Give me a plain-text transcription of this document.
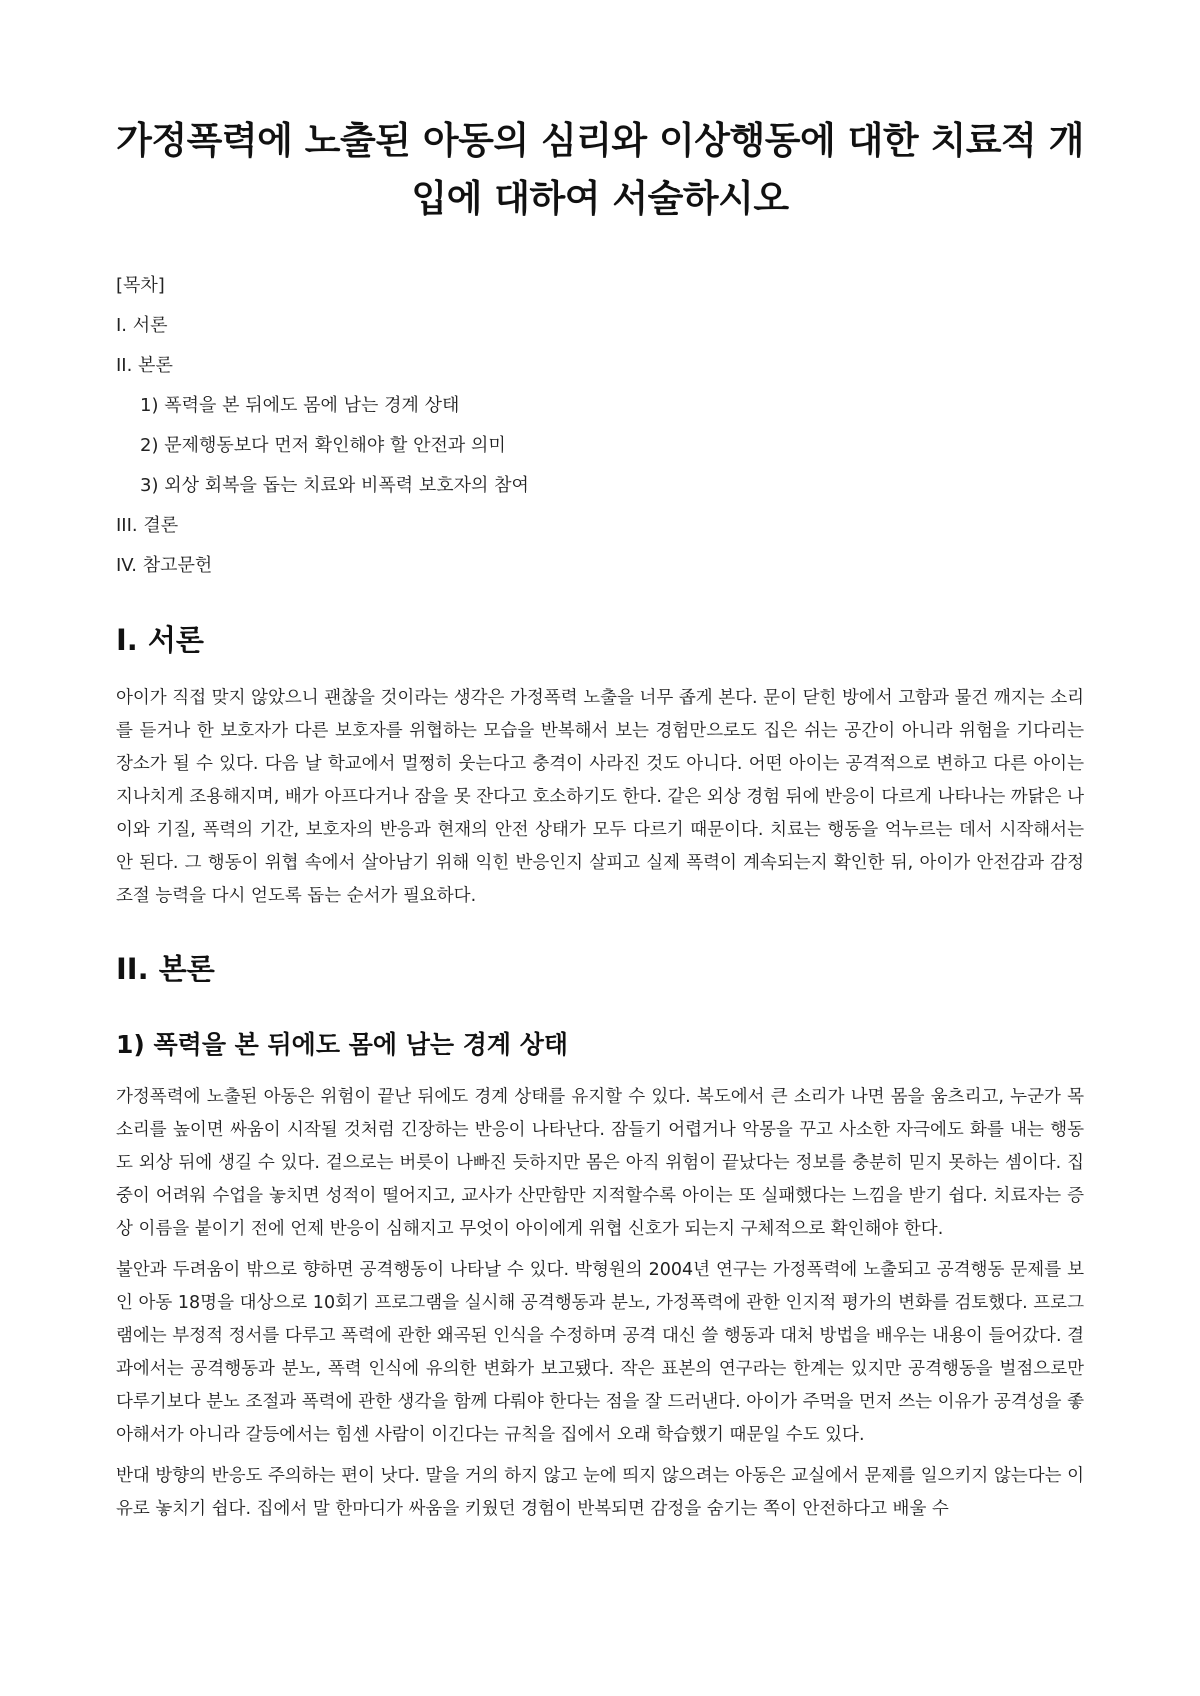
가정폭력에 노출된 아동의 심리와 이상행동에 대한 치료적 개입에 대하여 서술하시오
[목차]
I. 서론
II. 본론
1) 폭력을 본 뒤에도 몸에 남는 경계 상태
2) 문제행동보다 먼저 확인해야 할 안전과 의미
3) 외상 회복을 돕는 치료와 비폭력 보호자의 참여
III. 결론
IV. 참고문헌
I. 서론

아이가 직접 맞지 않았으니 괜찮을 것이라는 생각은 가정폭력 노출을 너무 좁게 본다. 문이 닫힌 방에서 고함과 물건 깨지는 소리를 듣거나 한 보호자가 다른 보호자를 위협하는 모습을 반복해서 보는 경험만으로도 집은 쉬는 공간이 아니라 위험을 기다리는 장소가 될 수 있다. 다음 날 학교에서 멀쩡히 웃는다고 충격이 사라진 것도 아니다. 어떤 아이는 공격적으로 변하고 다른 아이는 지나치게 조용해지며, 배가 아프다거나 잠을 못 잔다고 호소하기도 한다. 같은 외상 경험 뒤에 반응이 다르게 나타나는 까닭은 나이와 기질, 폭력의 기간, 보호자의 반응과 현재의 안전 상태가 모두 다르기 때문이다. 치료는 행동을 억누르는 데서 시작해서는 안 된다. 그 행동이 위협 속에서 살아남기 위해 익힌 반응인지 살피고 실제 폭력이 계속되는지 확인한 뒤, 아이가 안전감과 감정 조절 능력을 다시 얻도록 돕는 순서가 필요하다.

II. 본론
1) 폭력을 본 뒤에도 몸에 남는 경계 상태

가정폭력에 노출된 아동은 위험이 끝난 뒤에도 경계 상태를 유지할 수 있다. 복도에서 큰 소리가 나면 몸을 움츠리고, 누군가 목소리를 높이면 싸움이 시작될 것처럼 긴장하는 반응이 나타난다. 잠들기 어렵거나 악몽을 꾸고 사소한 자극에도 화를 내는 행동도 외상 뒤에 생길 수 있다. 겉으로는 버릇이 나빠진 듯하지만 몸은 아직 위험이 끝났다는 정보를 충분히 믿지 못하는 셈이다. 집중이 어려워 수업을 놓치면 성적이 떨어지고, 교사가 산만함만 지적할수록 아이는 또 실패했다는 느낌을 받기 쉽다. 치료자는 증상 이름을 붙이기 전에 언제 반응이 심해지고 무엇이 아이에게 위협 신호가 되는지 구체적으로 확인해야 한다.

불안과 두려움이 밖으로 향하면 공격행동이 나타날 수 있다. 박형원의 2004년 연구는 가정폭력에 노출되고 공격행동 문제를 보인 아동 18명을 대상으로 10회기 프로그램을 실시해 공격행동과 분노, 가정폭력에 관한 인지적 평가의 변화를 검토했다. 프로그램에는 부정적 정서를 다루고 폭력에 관한 왜곡된 인식을 수정하며 공격 대신 쓸 행동과 대처 방법을 배우는 내용이 들어갔다. 결과에서는 공격행동과 분노, 폭력 인식에 유의한 변화가 보고됐다. 작은 표본의 연구라는 한계는 있지만 공격행동을 벌점으로만 다루기보다 분노 조절과 폭력에 관한 생각을 함께 다뤄야 한다는 점을 잘 드러낸다. 아이가 주먹을 먼저 쓰는 이유가 공격성을 좋아해서가 아니라 갈등에서는 힘센 사람이 이긴다는 규칙을 집에서 오래 학습했기 때문일 수도 있다.

반대 방향의 반응도 주의하는 편이 낫다. 말을 거의 하지 않고 눈에 띄지 않으려는 아동은 교실에서 문제를 일으키지 않는다는 이유로 놓치기 쉽다. 집에서 말 한마디가 싸움을 키웠던 경험이 반복되면 감정을 숨기는 쪽이 안전하다고 배울 수
